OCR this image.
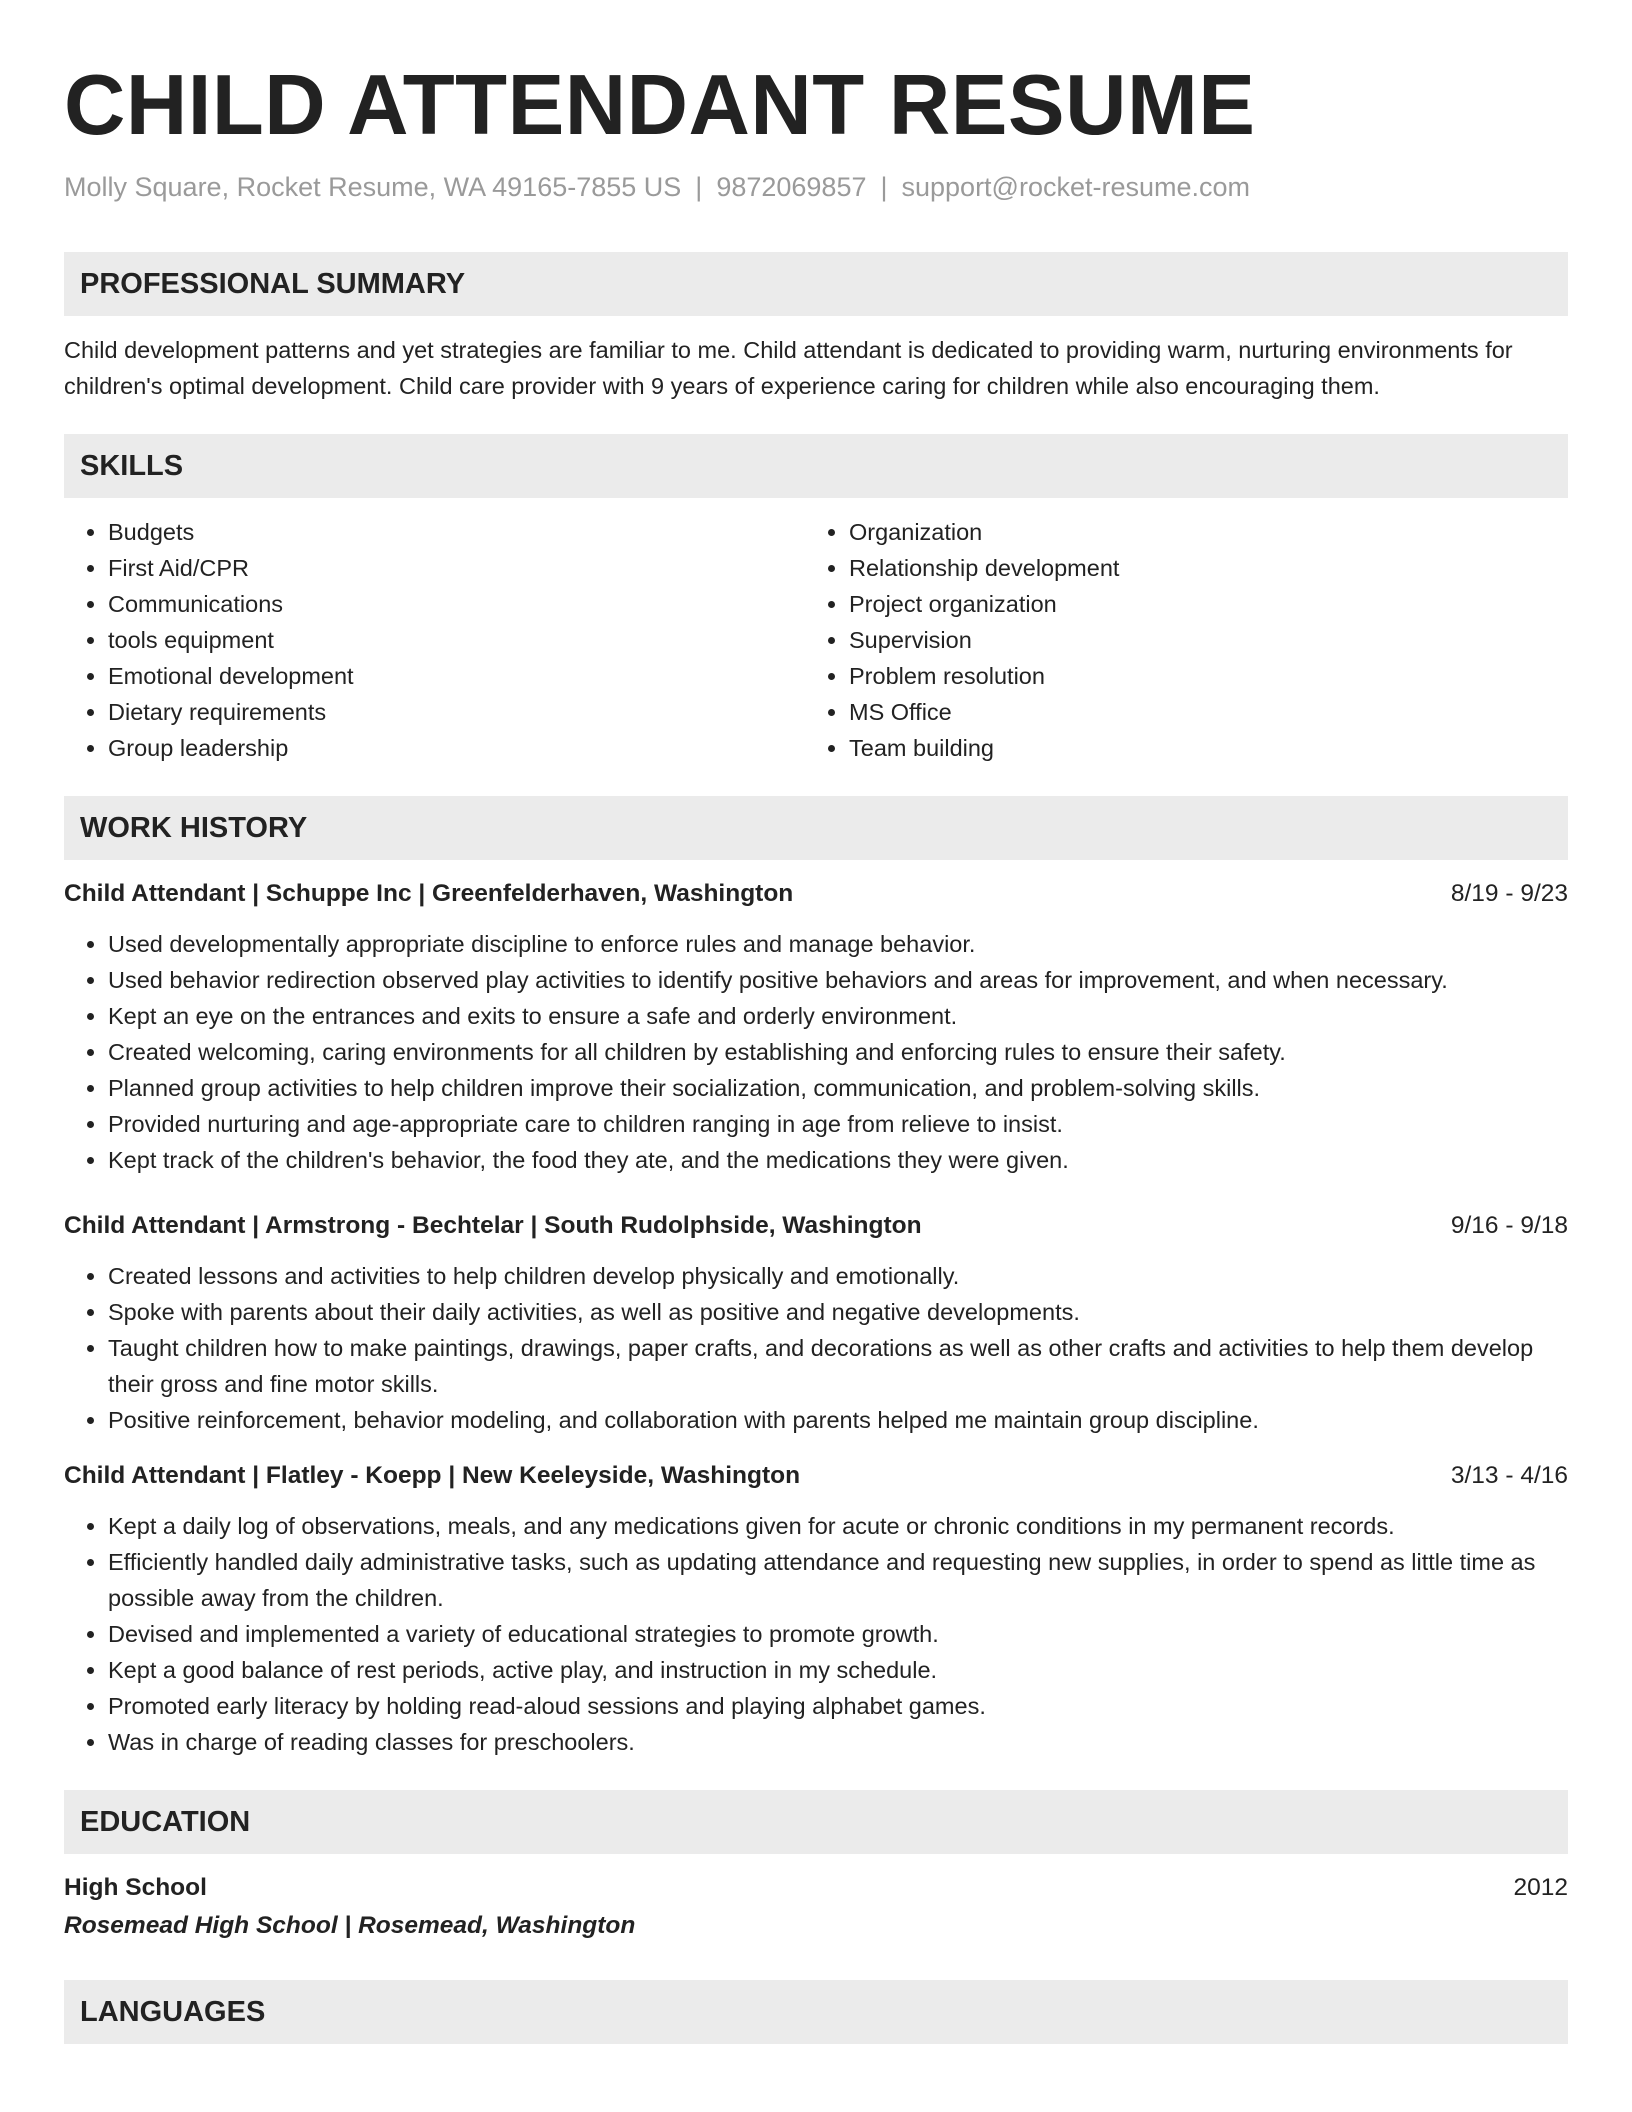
CHILD ATTENDANT RESUME
Molly Square, Rocket Resume, WA 49165-7855 US | 9872069857 | support@rocket-resume.com
PROFESSIONAL SUMMARY
Child development patterns and yet strategies are familiar to me. Child attendant is dedicated to providing warm, nurturing environments for children's optimal development. Child care provider with 9 years of experience caring for children while also encouraging them.
SKILLS
• Budgets
• First Aid/CPR
• Communications
• tools equipment
• Emotional development
• Dietary requirements
• Group leadership
• Organization
• Relationship development
• Project organization
• Supervision
• Problem resolution
• MS Office
• Team building
WORK HISTORY
Child Attendant | Schuppe Inc | Greenfelderhaven, Washington	8/19 - 9/23
• Used developmentally appropriate discipline to enforce rules and manage behavior.
• Used behavior redirection observed play activities to identify positive behaviors and areas for improvement, and when necessary.
• Kept an eye on the entrances and exits to ensure a safe and orderly environment.
• Created welcoming, caring environments for all children by establishing and enforcing rules to ensure their safety.
• Planned group activities to help children improve their socialization, communication, and problem-solving skills.
• Provided nurturing and age-appropriate care to children ranging in age from relieve to insist.
• Kept track of the children's behavior, the food they ate, and the medications they were given.
Child Attendant | Armstrong - Bechtelar | South Rudolphside, Washington	9/16 - 9/18
• Created lessons and activities to help children develop physically and emotionally.
• Spoke with parents about their daily activities, as well as positive and negative developments.
• Taught children how to make paintings, drawings, paper crafts, and decorations as well as other crafts and activities to help them develop their gross and fine motor skills.
• Positive reinforcement, behavior modeling, and collaboration with parents helped me maintain group discipline.
Child Attendant | Flatley - Koepp | New Keeleyside, Washington	3/13 - 4/16
• Kept a daily log of observations, meals, and any medications given for acute or chronic conditions in my permanent records.
• Efficiently handled daily administrative tasks, such as updating attendance and requesting new supplies, in order to spend as little time as possible away from the children.
• Devised and implemented a variety of educational strategies to promote growth.
• Kept a good balance of rest periods, active play, and instruction in my schedule.
• Promoted early literacy by holding read-aloud sessions and playing alphabet games.
• Was in charge of reading classes for preschoolers.
EDUCATION
High School	2012
Rosemead High School | Rosemead, Washington
LANGUAGES
